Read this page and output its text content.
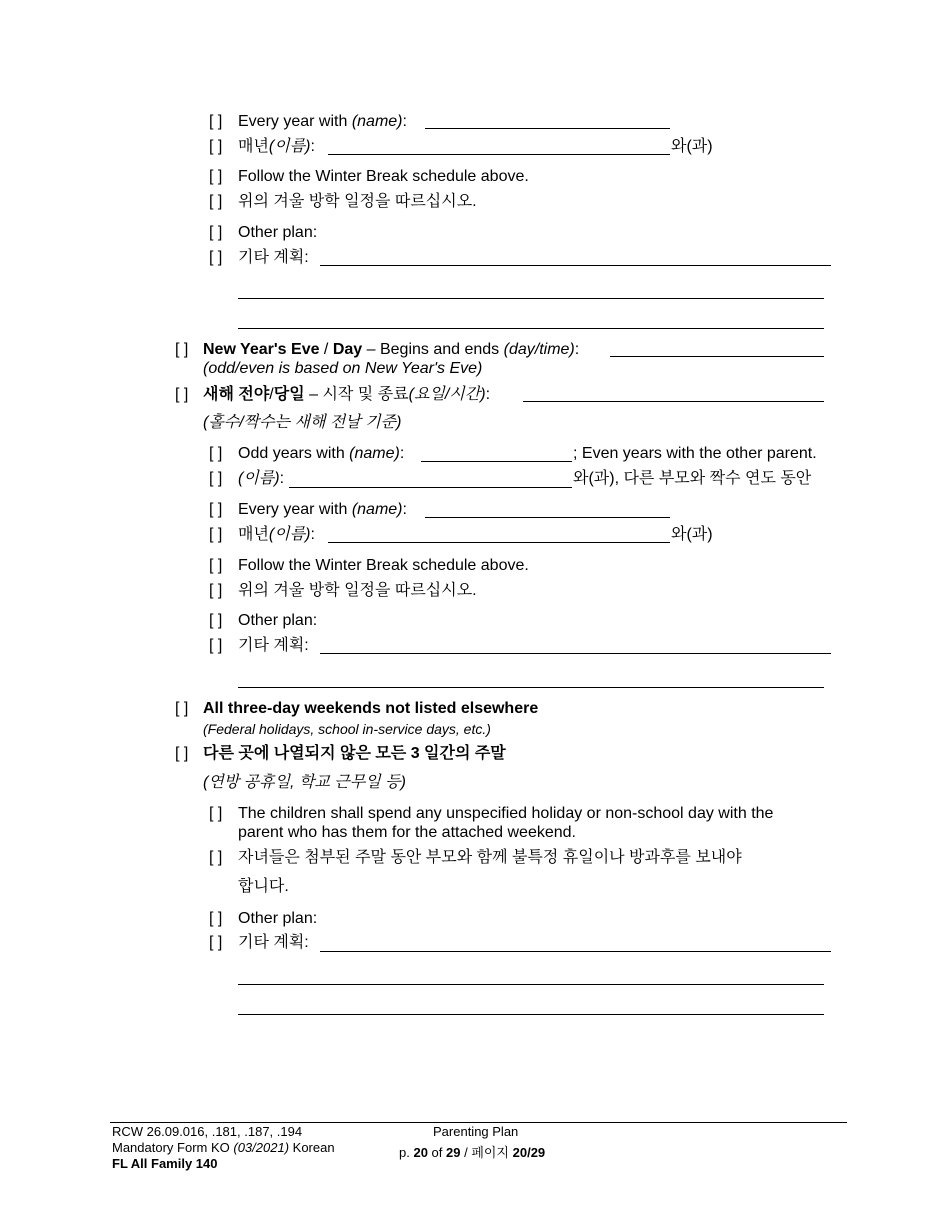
[ ] Every year with (name):
[ ] 매년(이름):	와(과)
[ ] Follow the Winter Break schedule above.
[ ] 위의 겨울 방학 일정을 따르십시오.
[ ] Other plan:
[ ] 기타 계획:
[ ] New Year's Eve / Day – Begins and ends (day/time):
(odd/even is based on New Year's Eve)
[ ] 새해 전야/당일 – 시작 및 종료(요일/시간):
(홀수/짝수는 새해 전날 기준)
[ ] Odd years with (name):	; Even years with the other parent.
[ ] (이름):	와(과), 다른 부모와 짝수 연도 동안
[ ] Every year with (name):
[ ] 매년(이름):	와(과)
[ ] Follow the Winter Break schedule above.
[ ] 위의 겨울 방학 일정을 따르십시오.
[ ] Other plan:
[ ] 기타 계획:
[ ] All three-day weekends not listed elsewhere
(Federal holidays, school in-service days, etc.)
[ ] 다른 곳에 나열되지 않은 모든 3 일간의 주말
(연방 공휴일, 학교 근무일 등)
[ ] The children shall spend any unspecified holiday or non-school day with the
parent who has them for the attached weekend.
[ ] 자녀들은 첨부된 주말 동안 부모와 함께 불특정 휴일이나 방과후를 보내야
합니다.
[ ] Other plan:
[ ] 기타 계획:
RCW 26.09.016, .181, .187, .194
Mandatory Form KO (03/2021) Korean
FL All Family 140
Parenting Plan
p. 20 of 29 / 페이지 20/29
